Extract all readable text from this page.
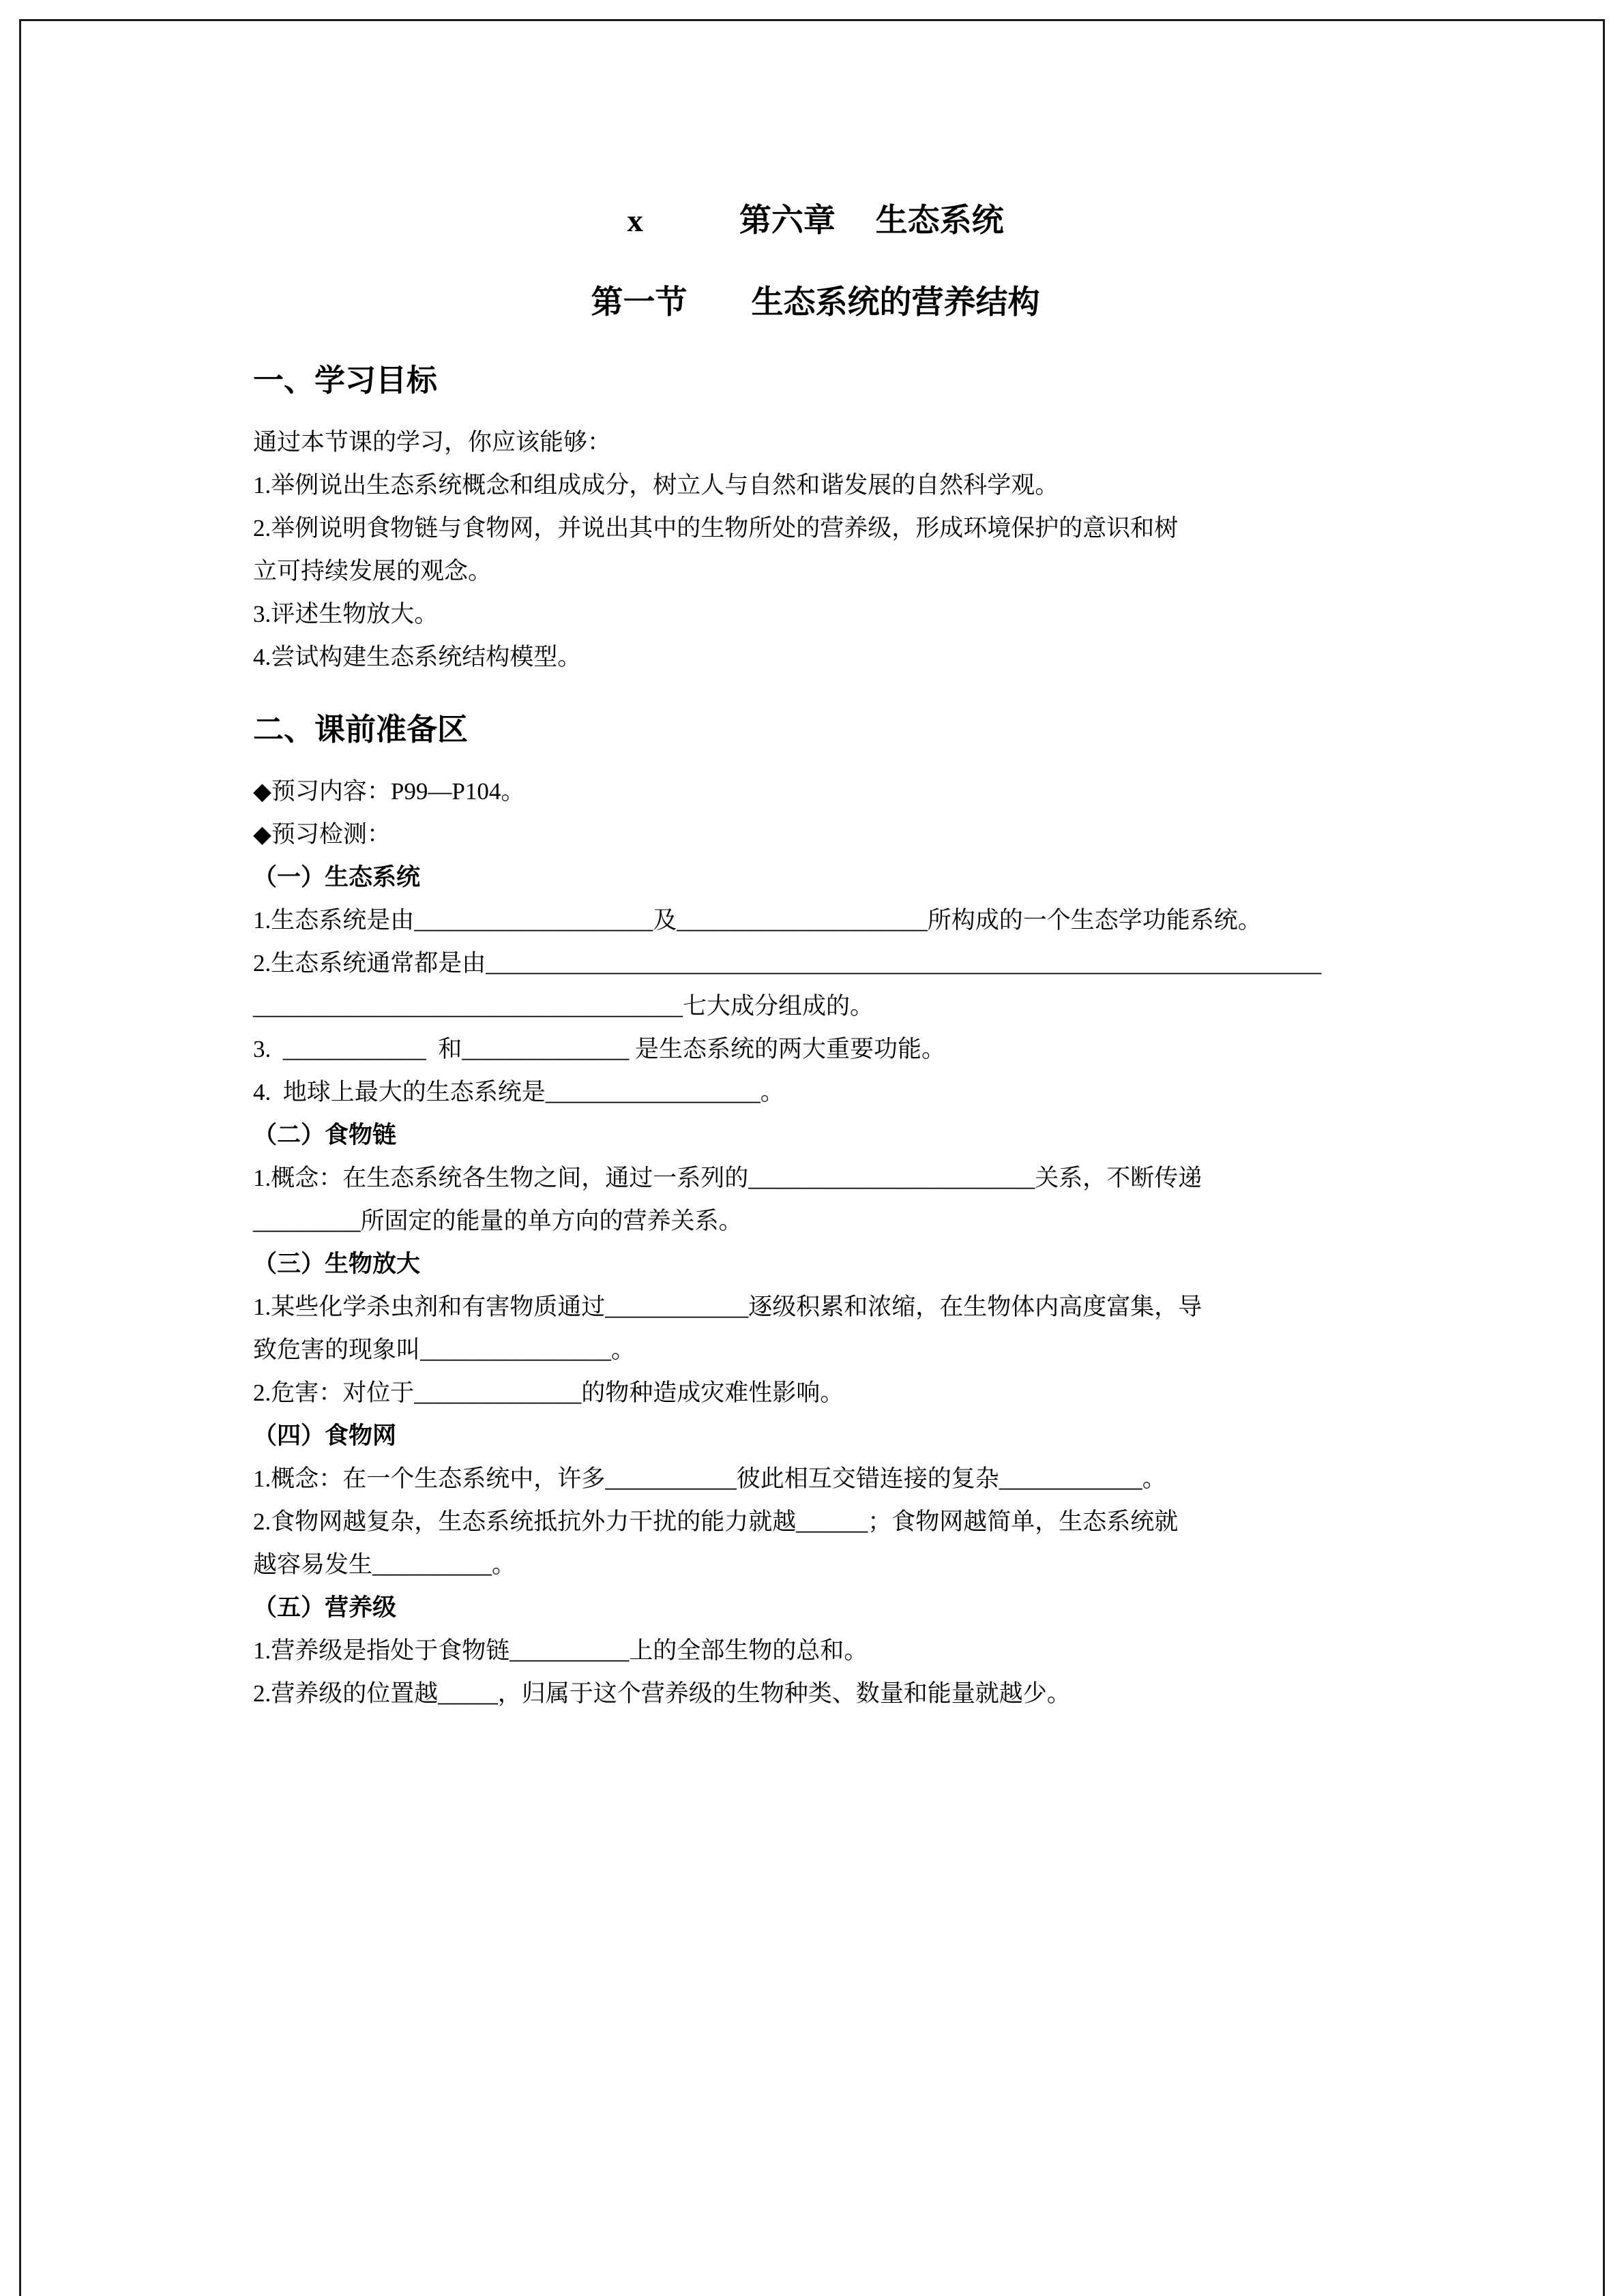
x　　　第六章　 生态系统
第一节　　生态系统的营养结构
一、学习目标
通过本节课的学习，你应该能够：
1.举例说出生态系统概念和组成成分，树立人与自然和谐发展的自然科学观。
2.举例说明食物链与食物网，并说出其中的生物所处的营养级，形成环境保护的意识和树
立可持续发展的观念。
3.评述生物放大。
4.尝试构建生态系统结构模型。
二、课前准备区
◆预习内容：P99—P104。
◆预习检测：
（一）生态系统
1.生态系统是由____________________及_____________________所构成的一个生态学功能系统。
2.生态系统通常都是由______________________________________________________________________
____________________________________七大成分组成的。
3.  ____________  和______________ 是生态系统的两大重要功能。
4.  地球上最大的生态系统是__________________。
（二）食物链
1.概念：在生态系统各生物之间，通过一系列的________________________关系，不断传递
_________所固定的能量的单方向的营养关系。
（三）生物放大
1.某些化学杀虫剂和有害物质通过____________逐级积累和浓缩，在生物体内高度富集，导
致危害的现象叫________________。
2.危害：对位于______________的物种造成灾难性影响。
（四）食物网
1.概念：在一个生态系统中，许多___________彼此相互交错连接的复杂____________。
2.食物网越复杂，生态系统抵抗外力干扰的能力就越______；食物网越简单，生态系统就
越容易发生__________。
（五）营养级
1.营养级是指处于食物链__________上的全部生物的总和。
2.营养级的位置越_____，归属于这个营养级的生物种类、数量和能量就越少。
